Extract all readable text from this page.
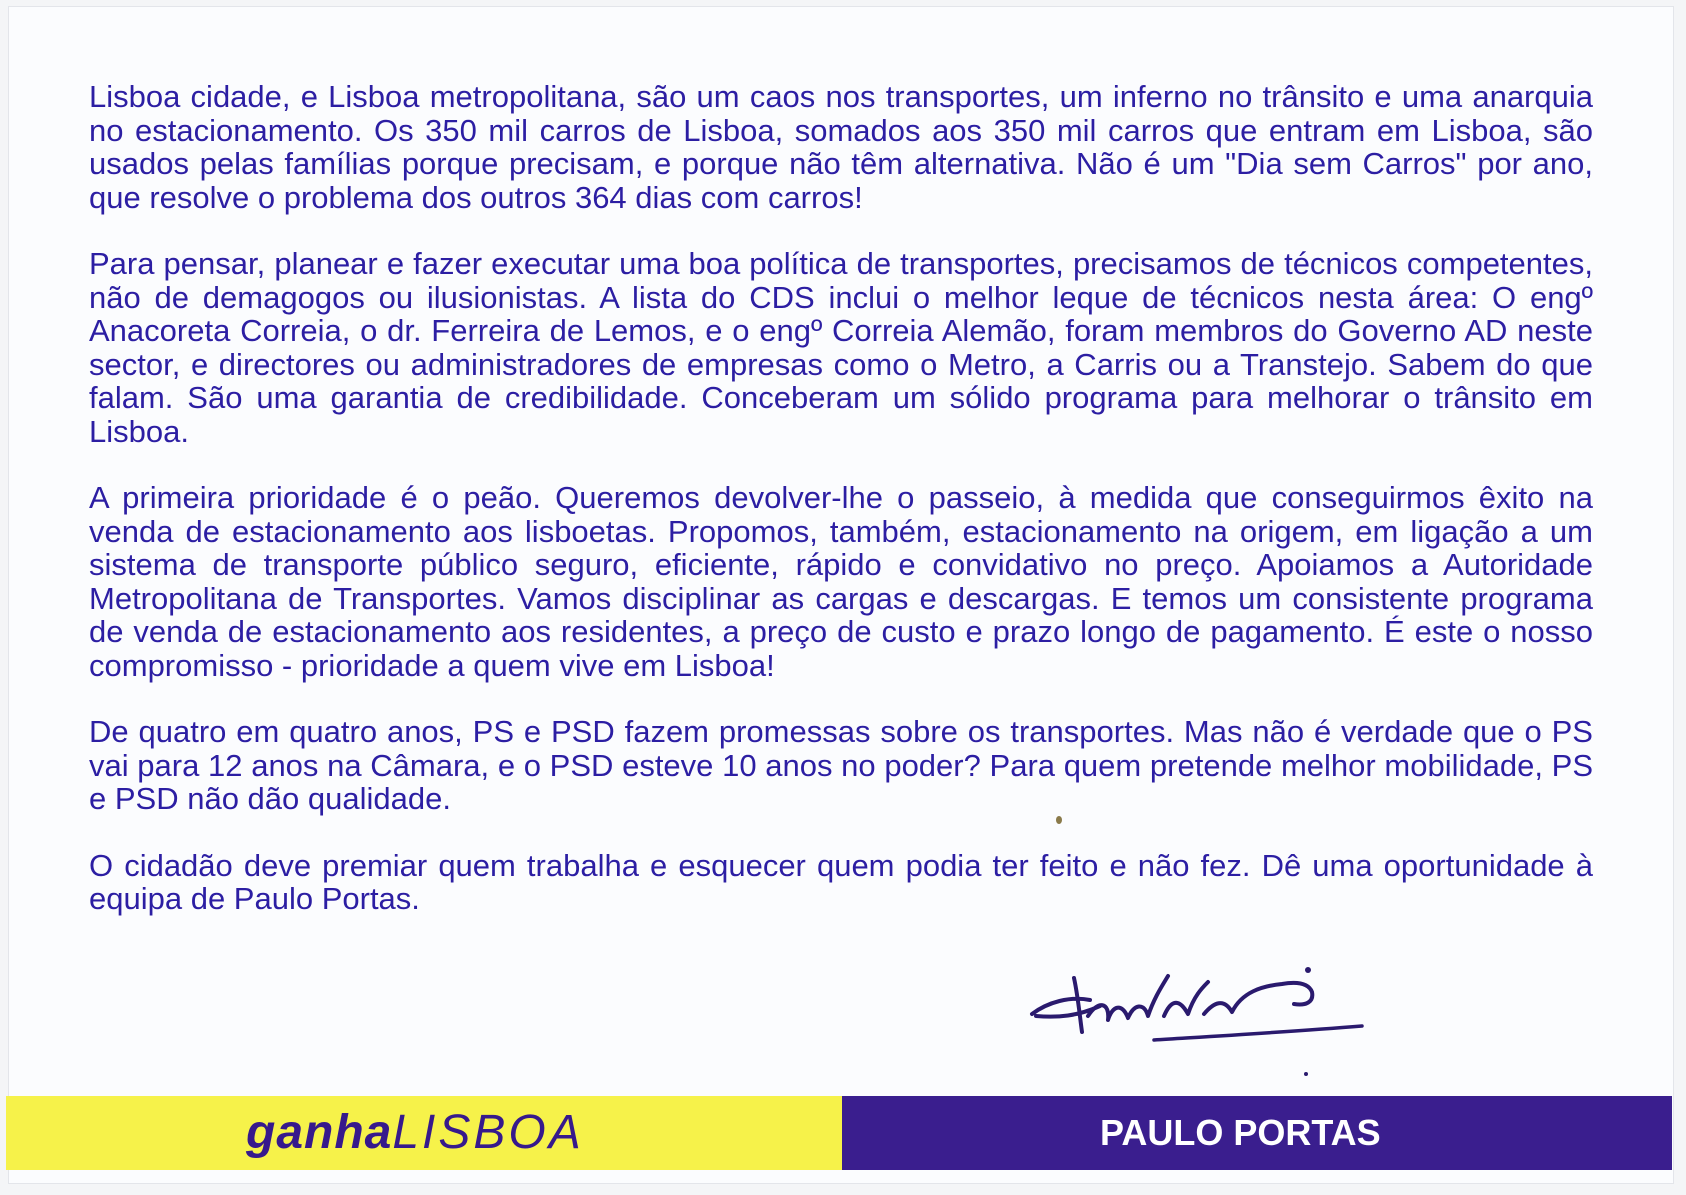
Lisboa cidade, e Lisboa metropolitana, são um caos nos transportes, um inferno no trânsito e uma anarquia no estacionamento. Os 350 mil carros de Lisboa, somados aos 350 mil carros que entram em Lisboa, são usados pelas famílias porque precisam, e porque não têm alternativa. Não é um "Dia sem Carros" por ano, que resolve o problema dos outros 364 dias com carros!

Para pensar, planear e fazer executar uma boa política de transportes, precisamos de técnicos competentes, não de demagogos ou ilusionistas. A lista do CDS inclui o melhor leque de técnicos nesta área: O engº Anacoreta Correia, o dr. Ferreira de Lemos, e o engº Correia Alemão, foram membros do Governo AD neste sector, e directores ou administradores de empresas como o Metro, a Carris ou a Transtejo. Sabem do que falam. São uma garantia de credibilidade. Conceberam um sólido programa para melhorar o trânsito em Lisboa.

A primeira prioridade é o peão. Queremos devolver-lhe o passeio, à medida que conseguirmos êxito na venda de estacionamento aos lisboetas. Propomos, também, estacionamento na origem, em ligação a um sistema de transporte público seguro, eficiente, rápido e convidativo no preço. Apoiamos a Autoridade Metropolitana de Transportes. Vamos disciplinar as cargas e descargas. E temos um consistente programa de venda de estacionamento aos residentes, a preço de custo e prazo longo de pagamento. É este o nosso compromisso - prioridade a quem vive em Lisboa!

De quatro em quatro anos, PS e PSD fazem promessas sobre os transportes. Mas não é verdade que o PS vai para 12 anos na Câmara, e o PSD esteve 10 anos no poder? Para quem pretende melhor mobilidade, PS e PSD não dão qualidade.

O cidadão deve premiar quem trabalha e esquecer quem podia ter feito e não fez. Dê uma oportunidade à equipa de Paulo Portas.

ganhaLISBOA	PAULO PORTAS
